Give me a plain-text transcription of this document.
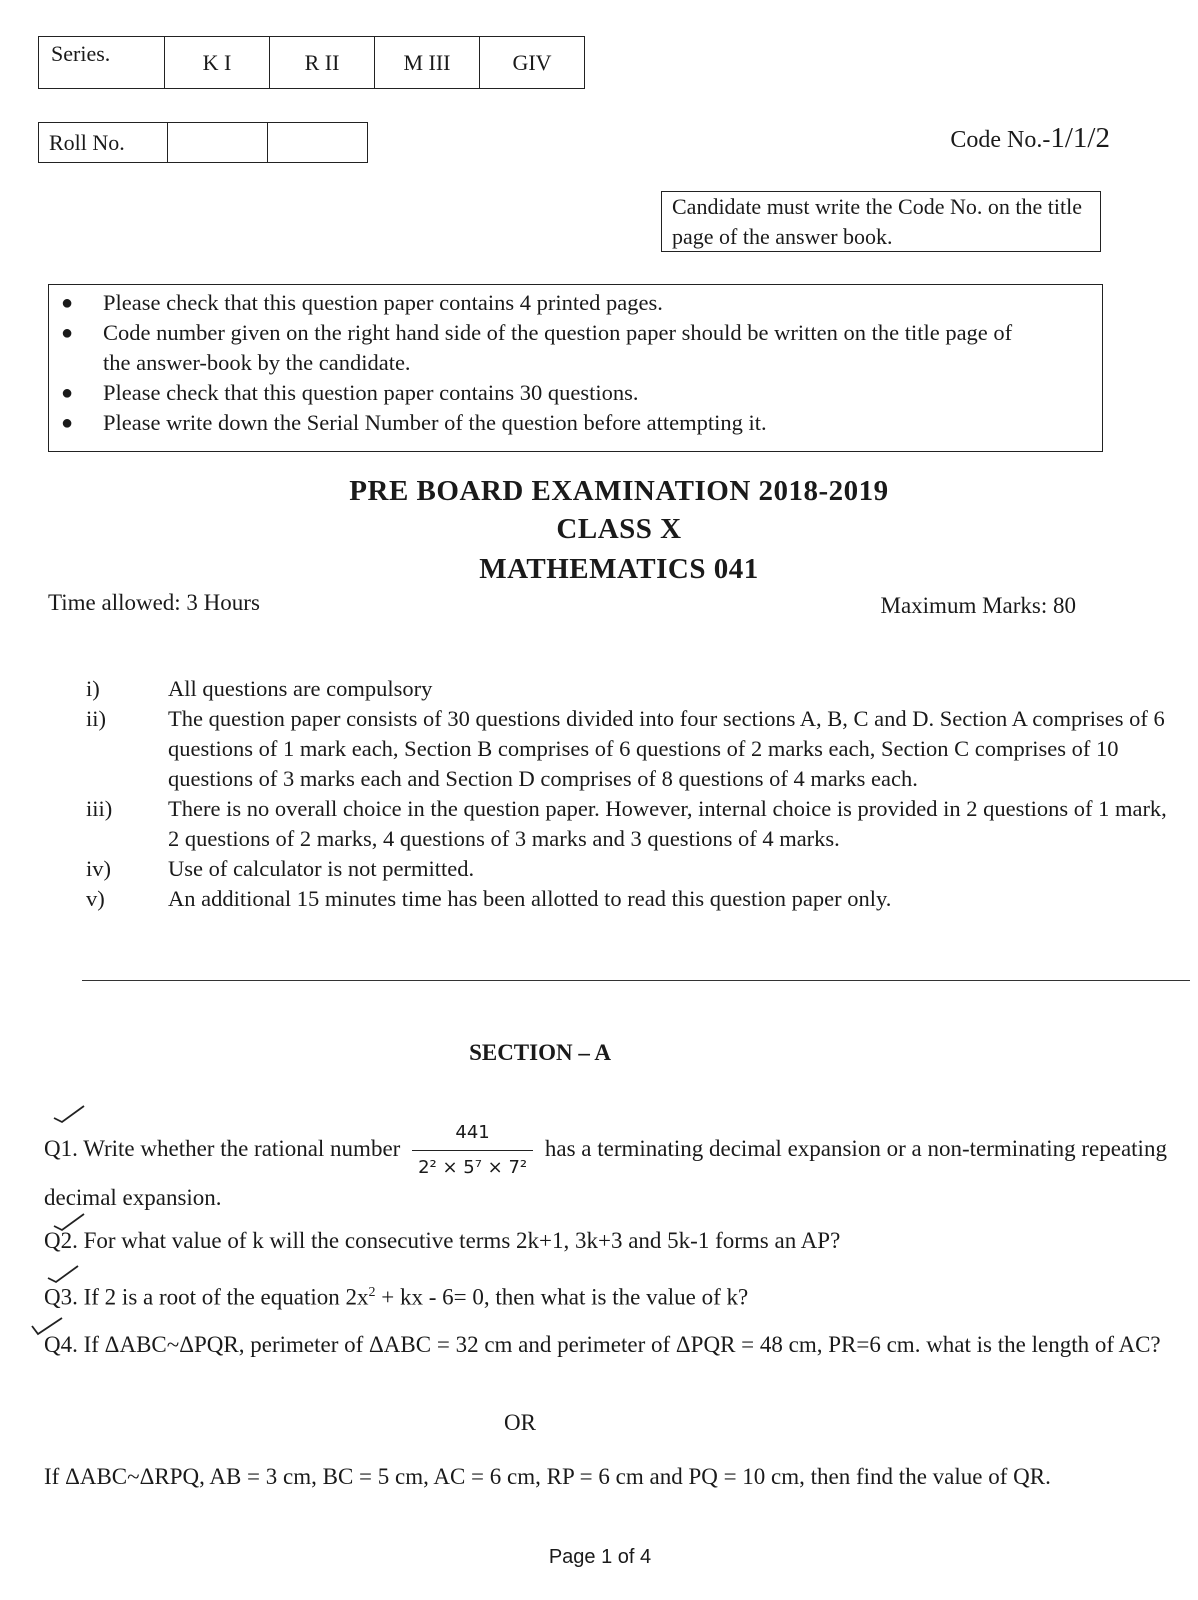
Series.	K I	R II	M III	GIV
Roll No.			Code No.-1/1/2
Candidate must write the Code No. on the title page of the answer book.
● Please check that this question paper contains 4 printed pages.
● Code number given on the right hand side of the question paper should be written on the title page of the answer-book by the candidate.
● Please check that this question paper contains 30 questions.
● Please write down the Serial Number of the question before attempting it.
PRE BOARD EXAMINATION 2018-2019
CLASS X
MATHEMATICS 041
Time allowed: 3 Hours	Maximum Marks: 80
i)	All questions are compulsory
ii)	The question paper consists of 30 questions divided into four sections A, B, C and D. Section A comprises of 6 questions of 1 mark each, Section B comprises of 6 questions of 2 marks each, Section C comprises of 10 questions of 3 marks each and Section D comprises of 8 questions of 4 marks each.
iii)	There is no overall choice in the question paper. However, internal choice is provided in 2 questions of 1 mark, 2 questions of 2 marks, 4 questions of 3 marks and 3 questions of 4 marks.
iv)	Use of calculator is not permitted.
v)	An additional 15 minutes time has been allotted to read this question paper only.
SECTION – A
Q1. Write whether the rational number $\frac{441}{\text{2² × 5⁷ × 7²}}$ has a terminating decimal expansion or a non-terminating repeating decimal expansion.
Q2. For what value of k will the consecutive terms 2k+1, 3k+3 and 5k-1 forms an AP?
Q3. If 2 is a root of the equation $2x^2$ + kx - 6= 0, then what is the value of k?
Q4. If ΔABC~ΔPQR, perimeter of ΔABC = 32 cm and perimeter of ΔPQR = 48 cm, PR=6 cm. what is the length of AC?
OR
If ΔABC~ΔRPQ, AB = 3 cm, BC = 5 cm, AC = 6 cm, RP = 6 cm and PQ = 10 cm, then find the value of QR.
Page 1 of 4
